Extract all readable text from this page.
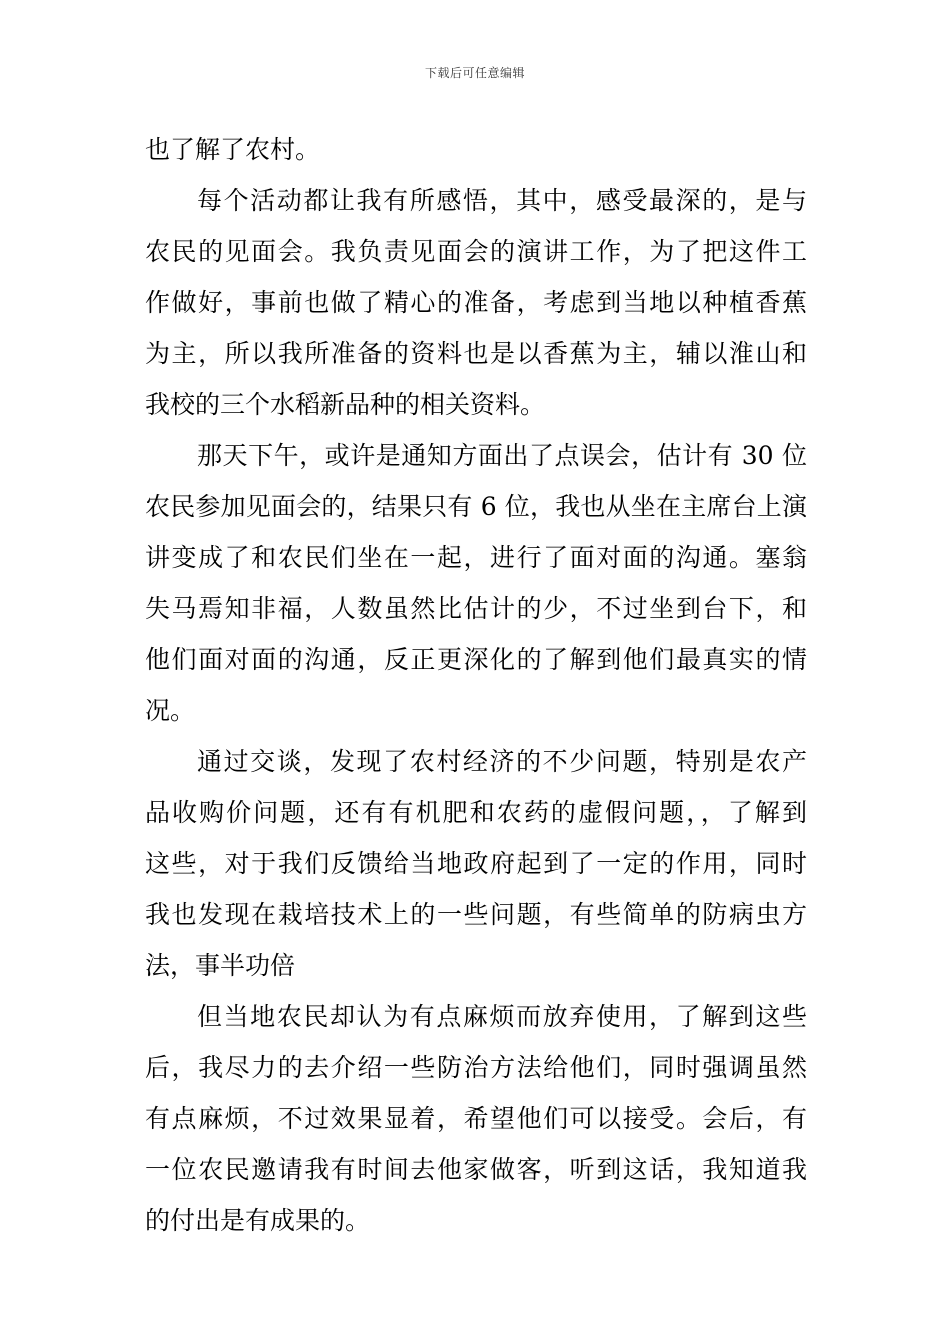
下载后可任意编辑
也了解了农村。
每个活动都让我有所感悟，其中，感受最深的，是与
农民的见面会。我负责见面会的演讲工作，为了把这件工
作做好，事前也做了精心的准备，考虑到当地以种植香蕉
为主，所以我所准备的资料也是以香蕉为主，辅以淮山和
我校的三个水稻新品种的相关资料。
那天下午，或许是通知方面出了点误会，估计有 30 位
农民参加见面会的，结果只有 6 位，我也从坐在主席台上演
讲变成了和农民们坐在一起，进行了面对面的沟通。塞翁
失马焉知非福，人数虽然比估计的少，不过坐到台下，和
他们面对面的沟通，反正更深化的了解到他们最真实的情
况。
通过交谈，发现了农村经济的不少问题，特别是农产
品收购价问题，还有有机肥和农药的虚假问题，，了解到
这些，对于我们反馈给当地政府起到了一定的作用，同时
我也发现在栽培技术上的一些问题，有些简单的防病虫方
法，事半功倍
但当地农民却认为有点麻烦而放弃使用，了解到这些
后，我尽力的去介绍一些防治方法给他们，同时强调虽然
有点麻烦，不过效果显着，希望他们可以接受。会后，有
一位农民邀请我有时间去他家做客，听到这话，我知道我
的付出是有成果的。
